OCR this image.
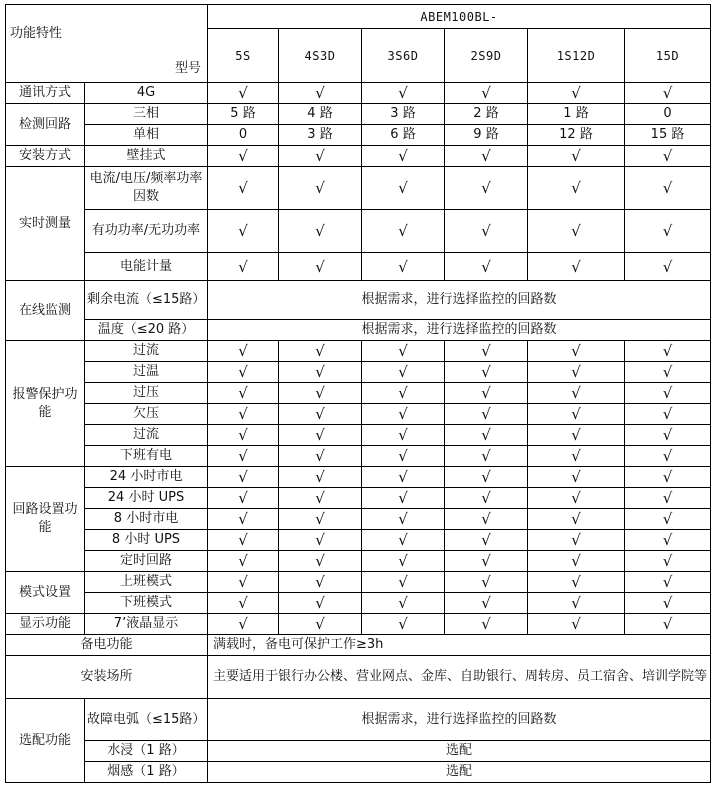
功能特性
型号		ABEM100BL-					
		5S	4S3D	3S6D	2S9D	1S12D	15D
通讯方式	4G	√	√	√	√	√	√
检测回路	三相	5 路	4 路	3 路	2 路	1 路	0
	单相	0	3 路	6 路	9 路	12 路	15 路
安装方式	壁挂式	√	√	√	√	√	√
实时测量	电流/电压/频率功率因数	√	√	√	√	√	√
	有功功率/无功功率	√	√	√	√	√	√
	电能计量	√	√	√	√	√	√
在线监测	剩余电流（≤15路）	根据需求，进行选择监控的回路数					
	温度（≤20 路）	根据需求，进行选择监控的回路数					
报警保护功能	过流	√	√	√	√	√	√
	过温	√	√	√	√	√	√
	过压	√	√	√	√	√	√
	欠压	√	√	√	√	√	√
	过流	√	√	√	√	√	√
	下班有电	√	√	√	√	√	√
回路设置功能	24 小时市电	√	√	√	√	√	√
	24 小时 UPS	√	√	√	√	√	√
	8 小时市电	√	√	√	√	√	√
	8 小时 UPS	√	√	√	√	√	√
	定时回路	√	√	√	√	√	√
模式设置	上班模式	√	√	√	√	√	√
	下班模式	√	√	√	√	√	√
显示功能	7’液晶显示	√	√	√	√	√	√
备电功能		满载时，备电可保护工作≥3h					
安装场所		主要适用于银行办公楼、营业网点、金库、自助银行、周转房、员工宿舍、培训学院等					
选配功能	故障电弧（≤15路）	根据需求，进行选择监控的回路数					
	水浸（1 路）	选配					
	烟感（1 路）	选配					
